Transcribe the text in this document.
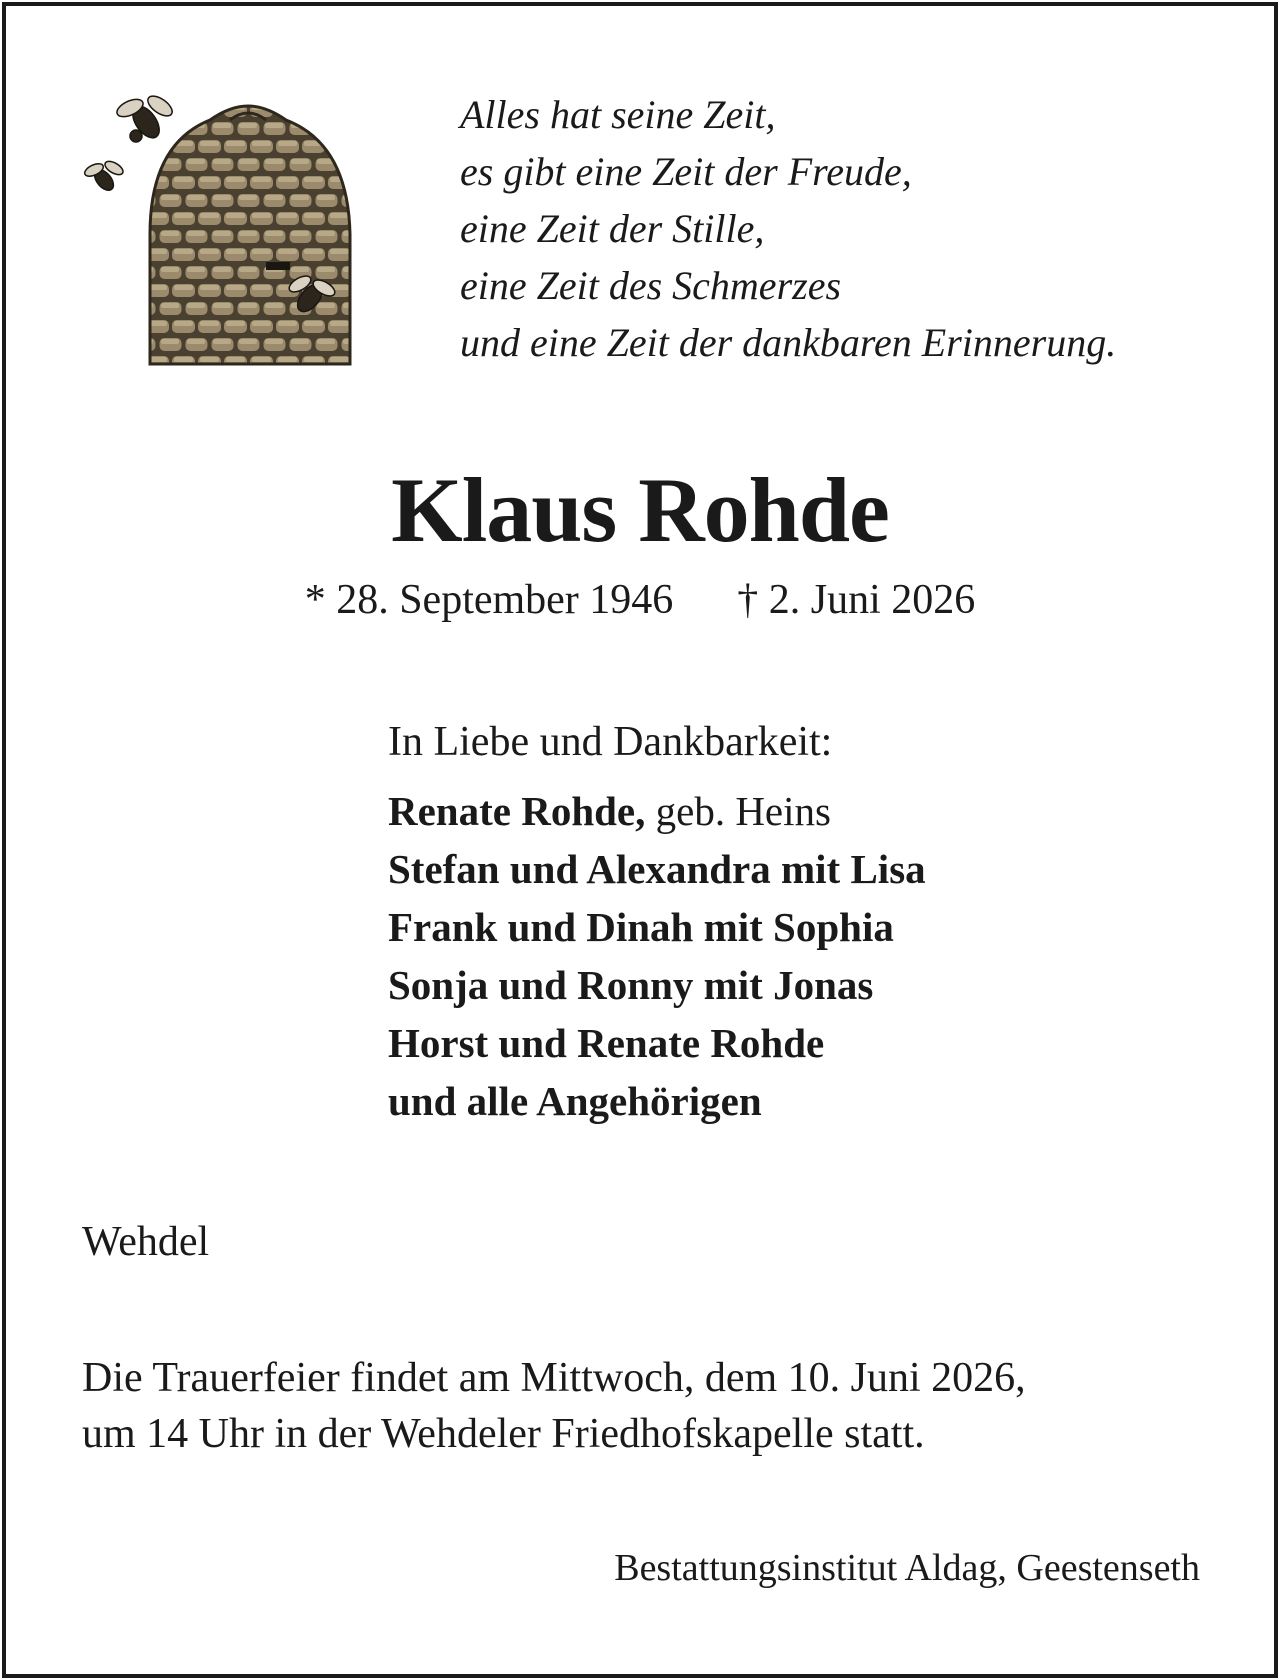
Alles hat seine Zeit,
es gibt eine Zeit der Freude,
eine Zeit der Stille,
eine Zeit des Schmerzes
und eine Zeit der dankbaren Erinnerung.
Klaus Rohde
* 28. September 1946 † 2. Juni 2026
In Liebe und Dankbarkeit:
Renate Rohde, geb. Heins
Stefan und Alexandra mit Lisa
Frank und Dinah mit Sophia
Sonja und Ronny mit Jonas
Horst und Renate Rohde
und alle Angehörigen
Wehdel
Die Trauerfeier findet am Mittwoch, dem 10. Juni 2026,
um 14 Uhr in der Wehdeler Friedhofskapelle statt.
Bestattungsinstitut Aldag, Geestenseth
